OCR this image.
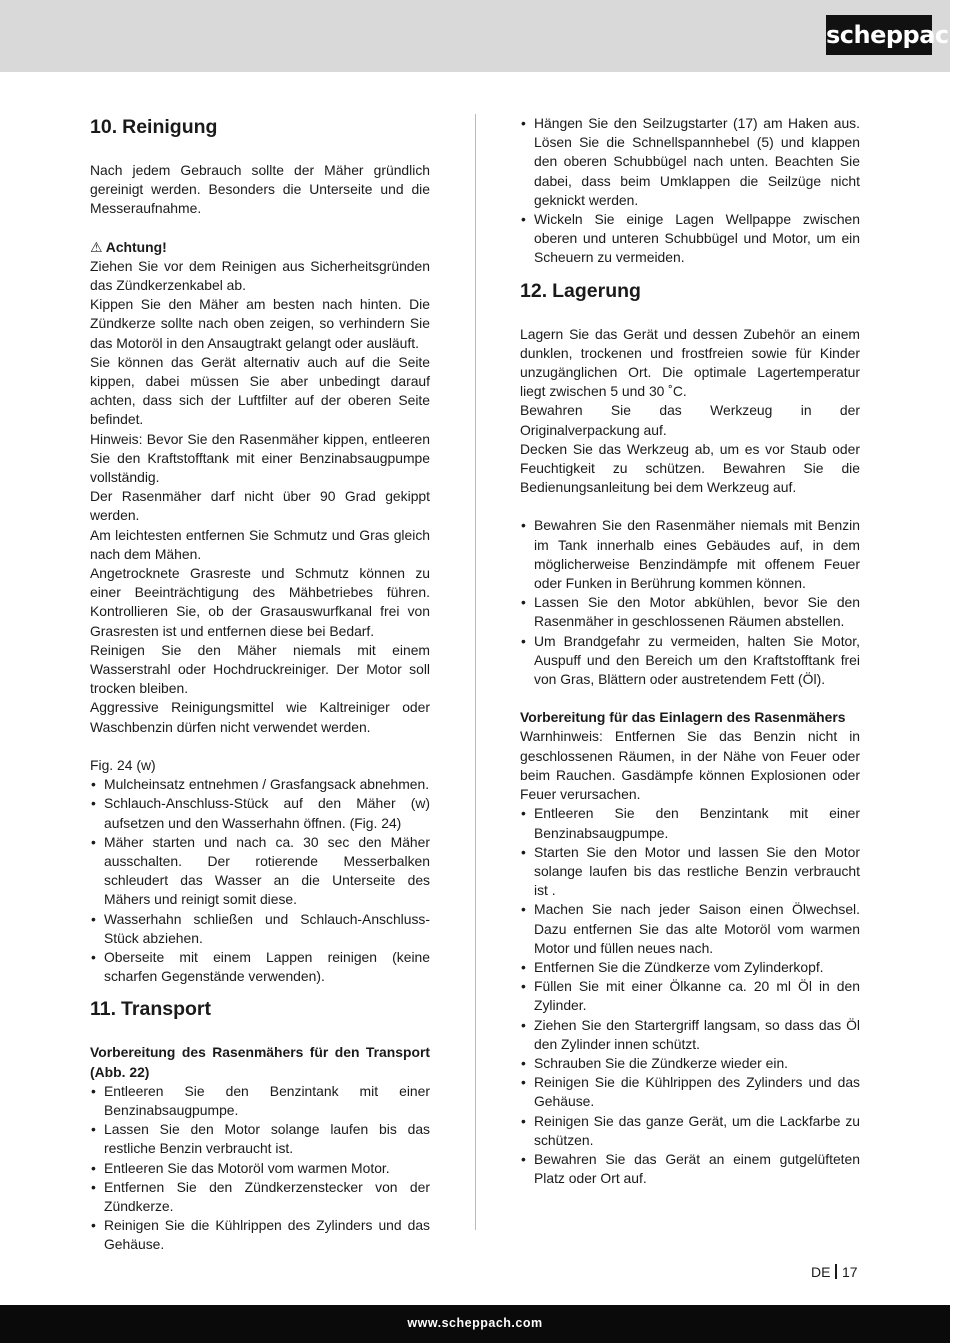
scheppach
10. Reinigung

Nach jedem Gebrauch sollte der Mäher gründlich gereinigt werden. Besonders die Unterseite und die Messeraufnahme.

⚠ Achtung!

Ziehen Sie vor dem Reinigen aus Sicherheitsgründen das Zündkerzenkabel ab.

Kippen Sie den Mäher am besten nach hinten. Die Zündkerze sollte nach oben zeigen, so verhindern Sie das Motoröl in den Ansaugtrakt gelangt oder ausläuft.

Sie können das Gerät alternativ auch auf die Seite kippen, dabei müssen Sie aber unbedingt darauf achten, dass sich der Luftfilter auf der oberen Seite befindet.

Hinweis: Bevor Sie den Rasenmäher kippen, entleeren Sie den Kraftstofftank mit einer Benzinabsaugpumpe vollständig.

Der Rasenmäher darf nicht über 90 Grad gekippt werden.

Am leichtesten entfernen Sie Schmutz und Gras gleich nach dem Mähen.

Angetrocknete Grasreste und Schmutz können zu einer Beeinträchtigung des Mähbetriebes führen. Kontrollieren Sie, ob der Grasauswurfkanal frei von Grasresten ist und entfernen diese bei Bedarf.

Reinigen Sie den Mäher niemals mit einem Wasserstrahl oder Hochdruckreiniger. Der Motor soll trocken bleiben.

Aggressive Reinigungsmittel wie Kaltreiniger oder Waschbenzin dürfen nicht verwendet werden.

Fig. 24 (w)

• Mulcheinsatz entnehmen / Grasfangsack abnehmen.
• Schlauch-Anschluss-Stück auf den Mäher (w) aufsetzen und den Wasserhahn öffnen. (Fig. 24)
• Mäher starten und nach ca. 30 sec den Mäher ausschalten. Der rotierende Messerbalken schleudert das Wasser an die Unterseite des Mähers und reinigt somit diese.
• Wasserhahn schließen und Schlauch-Anschluss-Stück abziehen.
• Oberseite mit einem Lappen reinigen (keine scharfen Gegenstände verwenden).
11. Transport

Vorbereitung des Rasenmähers für den Transport (Abb. 22)

• Entleeren Sie den Benzintank mit einer Benzinabsaugpumpe.
• Lassen Sie den Motor solange laufen bis das restliche Benzin verbraucht ist.
• Entleeren Sie das Motoröl vom warmen Motor.
• Entfernen Sie den Zündkerzenstecker von der Zündkerze.
• Reinigen Sie die Kühlrippen des Zylinders und das Gehäuse.
• Hängen Sie den Seilzugstarter (17) am Haken aus. Lösen Sie die Schnellspannhebel (5) und klappen den oberen Schubbügel nach unten. Beachten Sie dabei, dass beim Umklappen die Seilzüge nicht geknickt werden.
• Wickeln Sie einige Lagen Wellpappe zwischen oberen und unteren Schubbügel und Motor, um ein Scheuern zu vermeiden.
12. Lagerung

Lagern Sie das Gerät und dessen Zubehör an einem dunklen, trockenen und frostfreien sowie für Kinder unzugänglichen Ort. Die optimale Lagertemperatur liegt zwischen 5 und 30 ˚C.

Bewahren Sie das Werkzeug in der Originalverpackung auf.

Decken Sie das Werkzeug ab, um es vor Staub oder Feuchtigkeit zu schützen. Bewahren Sie die Bedienungsanleitung bei dem Werkzeug auf.

• Bewahren Sie den Rasenmäher niemals mit Benzin im Tank innerhalb eines Gebäudes auf, in dem möglicherweise Benzindämpfe mit offenem Feuer oder Funken in Berührung kommen können.
• Lassen Sie den Motor abkühlen, bevor Sie den Rasenmäher in geschlossenen Räumen abstellen.
• Um Brandgefahr zu vermeiden, halten Sie Motor, Auspuff und den Bereich um den Kraftstofftank frei von Gras, Blättern oder austretendem Fett (Öl).

Vorbereitung für das Einlagern des Rasenmähers

Warnhinweis: Entfernen Sie das Benzin nicht in geschlossenen Räumen, in der Nähe von Feuer oder beim Rauchen. Gasdämpfe können Explosionen oder Feuer verursachen.

• Entleeren Sie den Benzintank mit einer Benzinabsaugpumpe.
• Starten Sie den Motor und lassen Sie den Motor solange laufen bis das restliche Benzin verbraucht ist .
• Machen Sie nach jeder Saison einen Ölwechsel. Dazu entfernen Sie das alte Motoröl vom warmen Motor und füllen neues nach.
• Entfernen Sie die Zündkerze vom Zylinderkopf.
• Füllen Sie mit einer Ölkanne ca. 20 ml Öl in den Zylinder.
• Ziehen Sie den Startergriff langsam, so dass das Öl den Zylinder innen schützt.
• Schrauben Sie die Zündkerze wieder ein.
• Reinigen Sie die Kühlrippen des Zylinders und das Gehäuse.
• Reinigen Sie das ganze Gerät, um die Lackfarbe zu schützen.
• Bewahren Sie das Gerät an einem gutgelüfteten Platz oder Ort auf.
DE 17
www.scheppach.com
